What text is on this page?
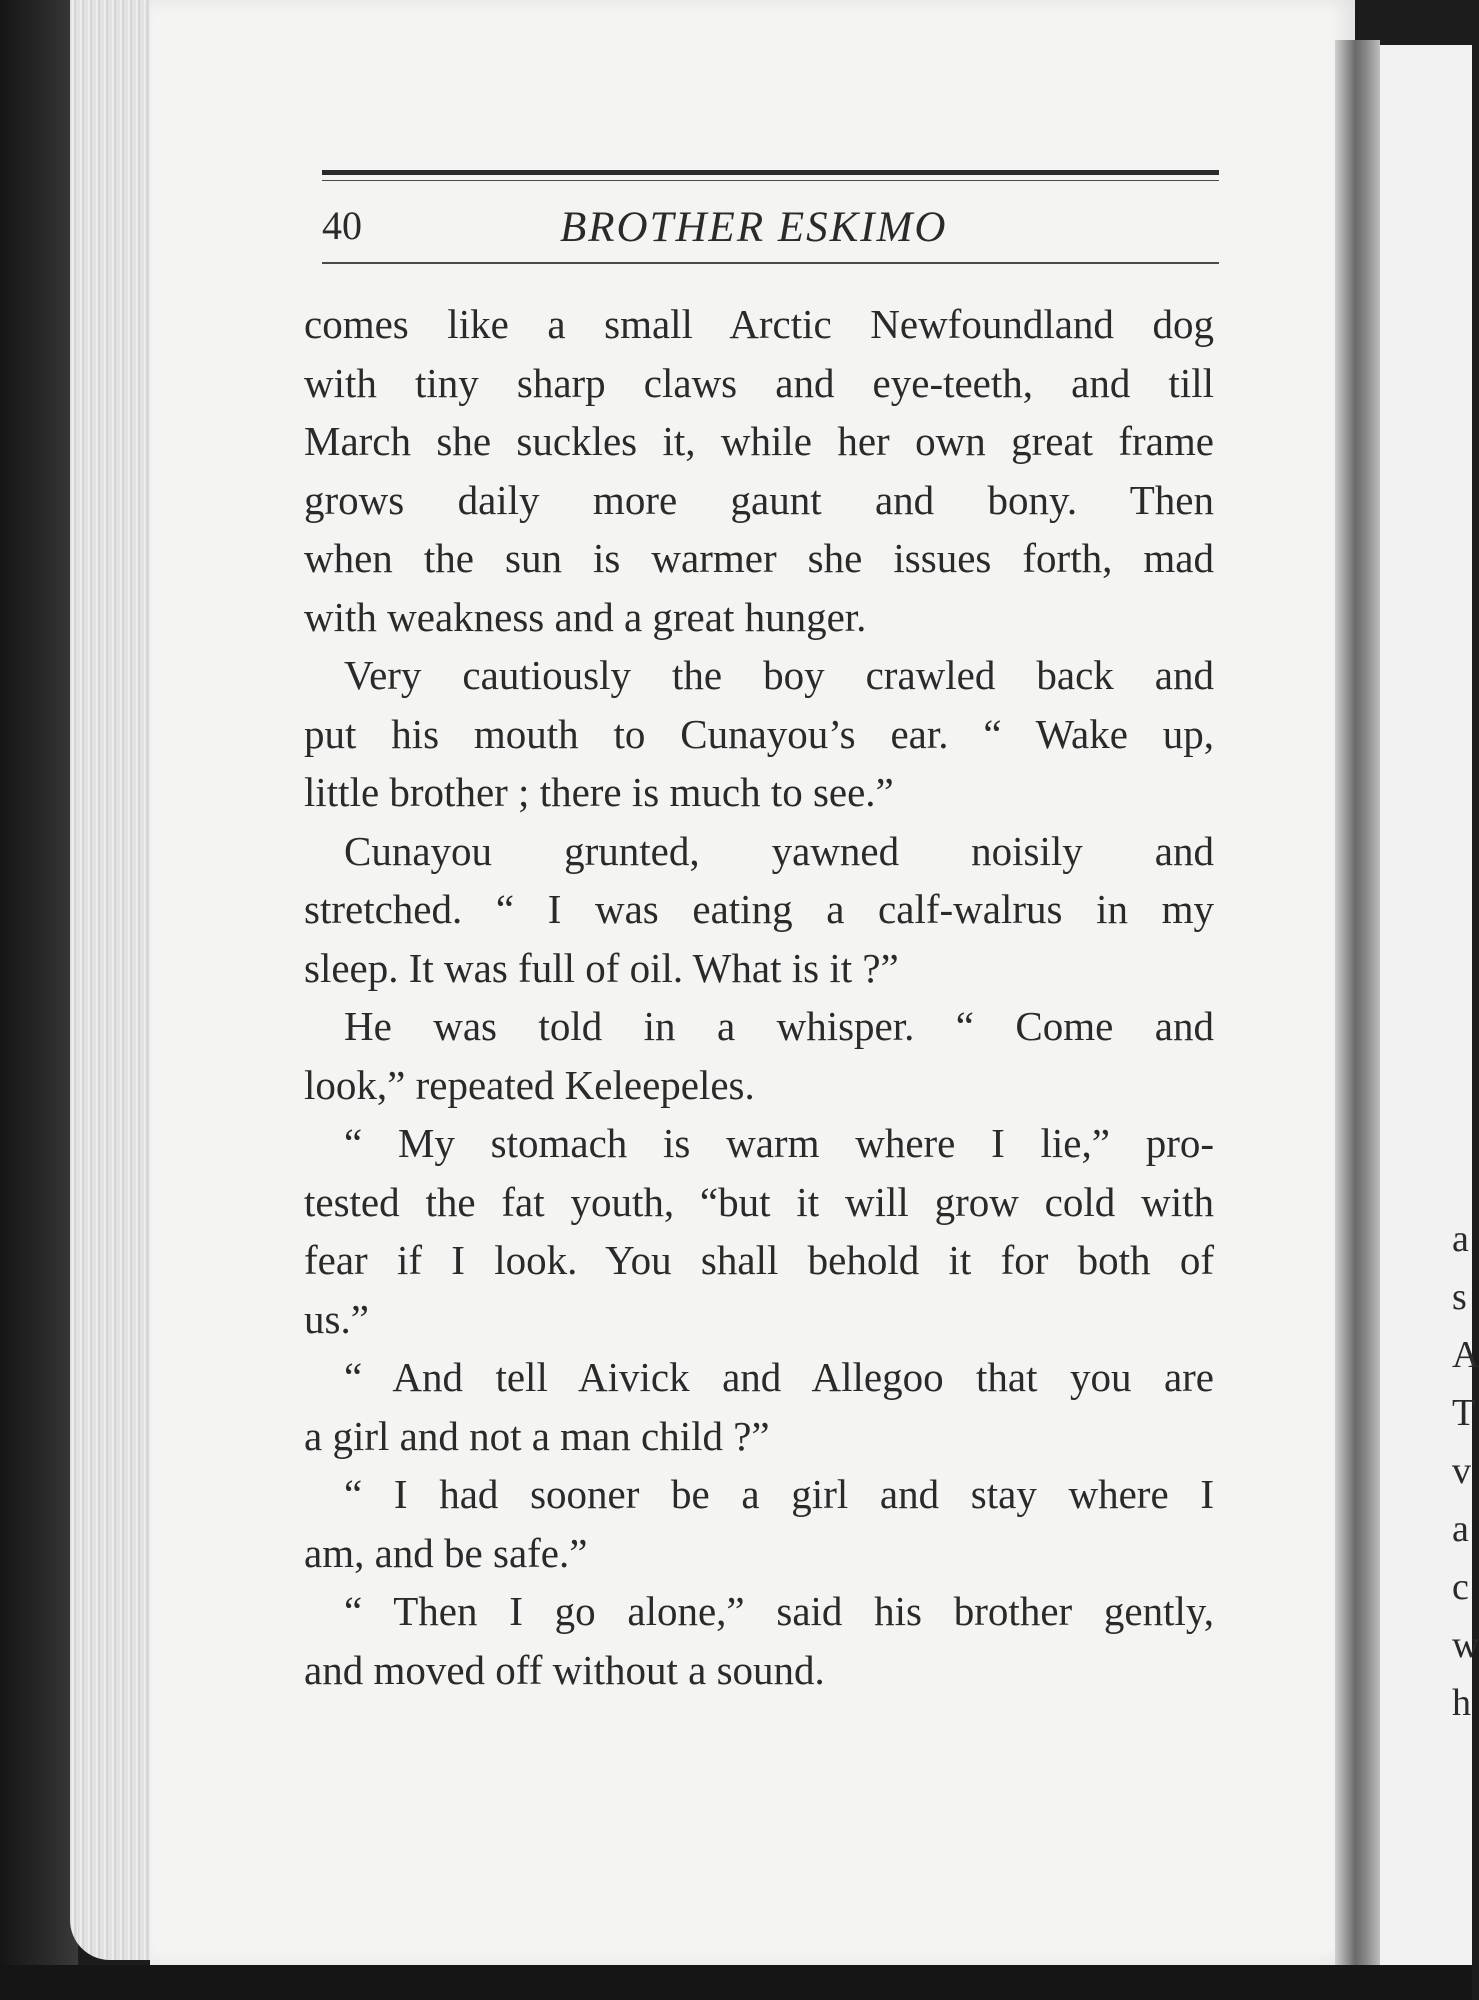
a
s
A
T
v
a
c
w
h
40	BROTHER ESKIMO
comes like a small Arctic Newfoundland dog
with tiny sharp claws and eye-teeth, and till
March she suckles it, while her own great frame
grows daily more gaunt and bony. Then
when the sun is warmer she issues forth, mad
with weakness and a great hunger.
Very cautiously the boy crawled back and
put his mouth to Cunayou’s ear. “ Wake up,
little brother ; there is much to see.”
Cunayou grunted, yawned noisily and
stretched. “ I was eating a calf-walrus in my
sleep. It was full of oil. What is it ?”
He was told in a whisper. “ Come and
look,” repeated Keleepeles.
“ My stomach is warm where I lie,” pro-
tested the fat youth, “but it will grow cold with
fear if I look. You shall behold it for both of
us.”
“ And tell Aivick and Allegoo that you are
a girl and not a man child ?”
“ I had sooner be a girl and stay where I
am, and be safe.”
“ Then I go alone,” said his brother gently,
and moved off without a sound.
